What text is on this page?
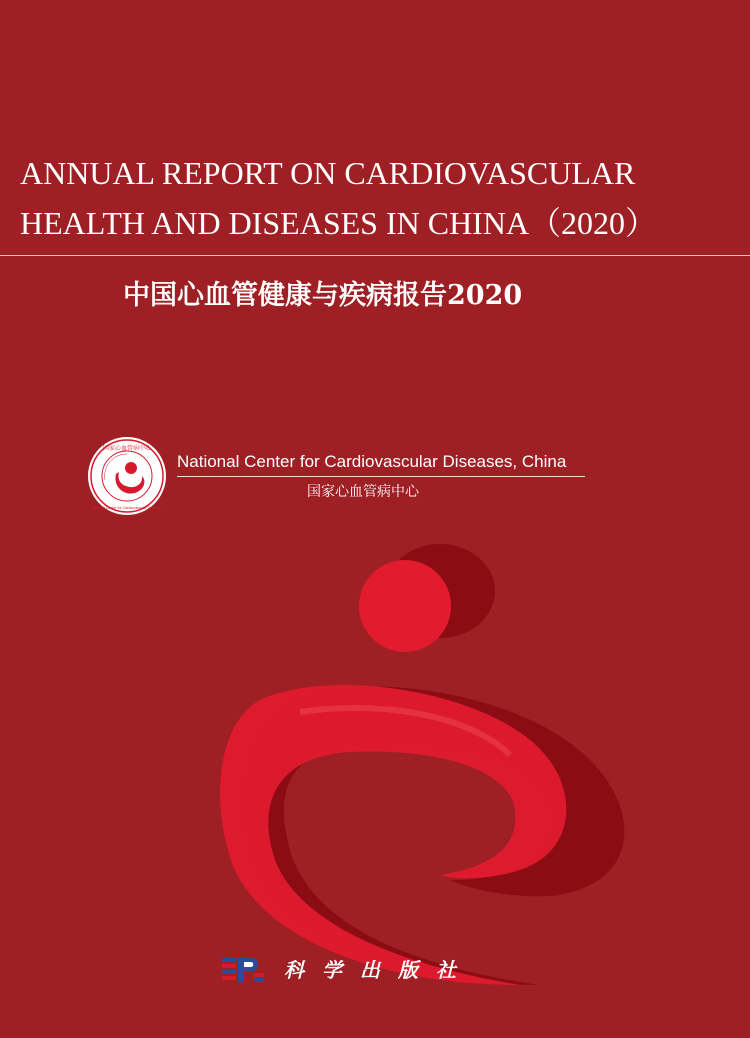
ANNUAL REPORT ON CARDIOVASCULAR
HEALTH AND DISEASES IN CHINA（2020）
中国心血管健康与疾病报告2020
国家心血管病中心
National Center for Cardiovascular Diseases
National Center for Cardiovascular Diseases, China
国家心血管病中心
科学出版社
